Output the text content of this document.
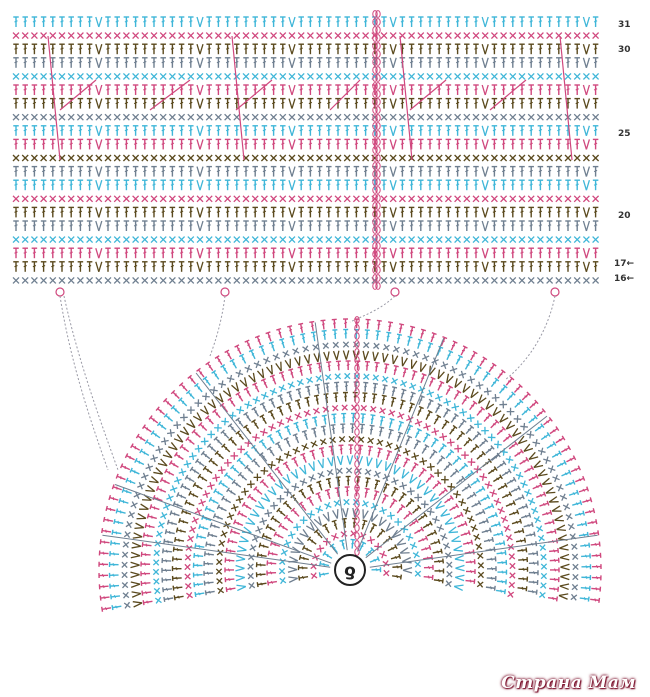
31
30
25
20
17←
16←
ƍ
Страна Мам
